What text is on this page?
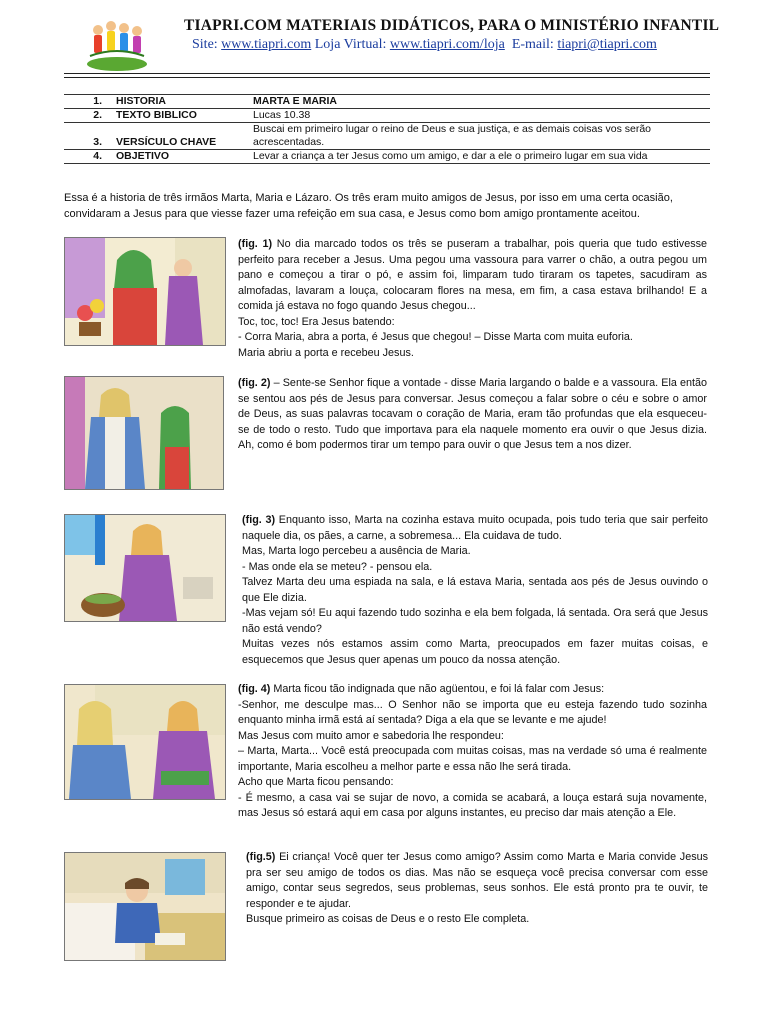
TIAPRI.COM MATERIAIS DIDÁTICOS, PARA O MINISTÉRIO INFANTIL
Site: www.tiapri.com Loja Virtual: www.tiapri.com/loja E-mail: tiapri@tiapri.com
1.	HISTORIA	MARTA E MARIA
2.	TEXTO BIBLICO	Lucas 10.38
3.	VERSÍCULO CHAVE	Buscai em primeiro lugar o reino de Deus e sua justiça, e as demais coisas vos serão acrescentadas.
4.	OBJETIVO	Levar a criança a ter Jesus como um amigo, e dar a ele o primeiro lugar em sua vida
Essa é a historia de três irmãos Marta, Maria e Lázaro. Os três eram muito amigos de Jesus, por isso em uma certa ocasião, convidaram a Jesus para que viesse fazer uma refeição em sua casa, e Jesus como bom amigo prontamente aceitou.

(fig. 1) No dia marcado todos os três se puseram a trabalhar, pois queria que tudo estivesse perfeito para receber a Jesus. Uma pegou uma vassoura para varrer o chão, a outra pegou um pano e começou a tirar o pó, e assim foi, limparam tudo tiraram os tapetes, sacudiram as almofadas, lavaram a louça, colocaram flores na mesa, em fim, a casa estava brilhando! E a comida já estava no fogo quando Jesus chegou...

Toc, toc, toc! Era Jesus batendo:

- Corra Maria, abra a porta, é Jesus que chegou! – Disse Marta com muita euforia.

Maria abriu a porta e recebeu Jesus.

(fig. 2) – Sente-se Senhor fique a vontade - disse Maria largando o balde e a vassoura. Ela então se sentou aos pés de Jesus para conversar. Jesus começou a falar sobre o céu e sobre o amor de Deus, as suas palavras tocavam o coração de Maria, eram tão profundas que ela esqueceu-se de todo o resto. Tudo que importava para ela naquele momento era ouvir o que Jesus dizia. Ah, como é bom podermos tirar um tempo para ouvir o que Jesus tem a nos dizer.

(fig. 3) Enquanto isso, Marta na cozinha estava muito ocupada, pois tudo teria que sair perfeito naquele dia, os pães, a carne, a sobremesa... Ela cuidava de tudo.

Mas, Marta logo percebeu a ausência de Maria.

- Mas onde ela se meteu? - pensou ela.

Talvez Marta deu uma espiada na sala, e lá estava Maria, sentada aos pés de Jesus ouvindo o que Ele dizia.

-Mas vejam só! Eu aqui fazendo tudo sozinha e ela bem folgada, lá sentada. Ora será que Jesus não está vendo?

Muitas vezes nós estamos assim como Marta, preocupados em fazer muitas coisas, e esquecemos que Jesus quer apenas um pouco da nossa atenção.

(fig. 4) Marta ficou tão indignada que não agüentou, e foi lá falar com Jesus:

-Senhor, me desculpe mas... O Senhor não se importa que eu esteja fazendo tudo sozinha enquanto minha irmã está aí sentada? Diga a ela que se levante e me ajude!

Mas Jesus com muito amor e sabedoria lhe respondeu:

– Marta, Marta... Você está preocupada com muitas coisas, mas na verdade só uma é realmente importante, Maria escolheu a melhor parte e essa não lhe será tirada.

Acho que Marta ficou pensando:

- É mesmo, a casa vai se sujar de novo, a comida se acabará, a louça estará suja novamente, mas Jesus só estará aqui em casa por alguns instantes, eu preciso dar mais atenção a Ele.

(fig.5) Ei criança! Você quer ter Jesus como amigo? Assim como Marta e Maria convide Jesus pra ser seu amigo de todos os dias. Mas não se esqueça você precisa conversar com esse amigo, contar seus segredos, seus problemas, seus sonhos. Ele está pronto pra te ouvir, te responder e te ajudar.

Busque primeiro as coisas de Deus e o resto Ele completa.
